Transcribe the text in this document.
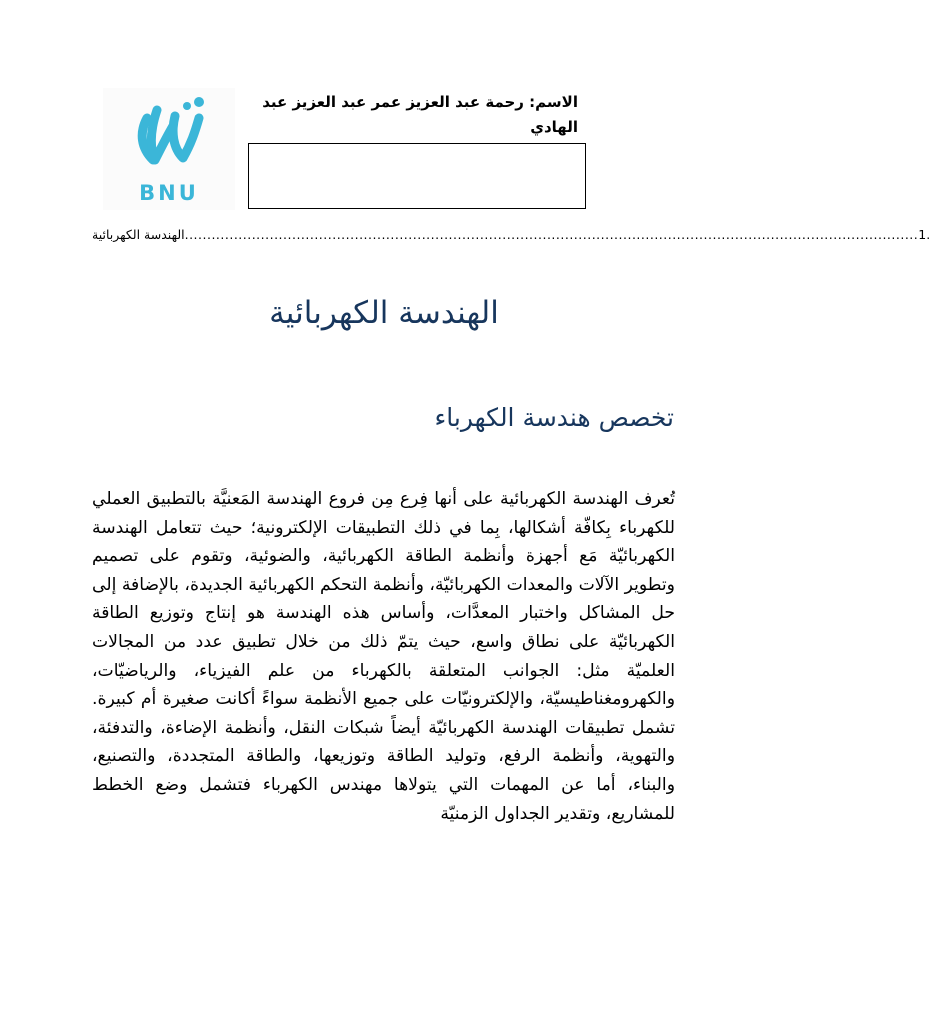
BNU
الاسم: رحمة عبد العزيز عمر عبد العزيز عبد الهادي
الهندسة الكهربائية .................................................................................................................................................................... 1.
الهندسة الكهربائية
تخصص هندسة الكهرباء
تُعرف الهندسة الكهربائية على أنها فِرع مِن فروع الهندسة المَعنيَّة بالتطبيق العملي للكهرباء بِكافّة أشكالها، بِما في ذلك التطبيقات الإلكترونية؛ حيث تتعامل الهندسة الكهربائيّة مَع أجهزة وأنظمة الطاقة الكهربائية، والضوئية، وتقوم على تصميم وتطوير الآلات والمعدات الكهربائيّة، وأنظمة التحكم الكهربائية الجديدة، بالإضافة إلى حل المشاكل واختبار المعدَّات، وأساس هذه الهندسة هو إنتاج وتوزيع الطاقة الكهربائيّة على نطاق واسع، حيث يتمّ ذلك من خلال تطبيق عدد من المجالات العلميّة مثل: الجوانب المتعلقة بالكهرباء من علم الفيزياء، والرياضيّات، والكهرومغناطيسيّة، والإلكترونيّات على جميع الأنظمة سواءً أكانت صغيرة أم كبيرة. تشمل تطبيقات الهندسة الكهربائيّة أيضاً شبكات النقل، وأنظمة الإضاءة، والتدفئة، والتهوية، وأنظمة الرفع، وتوليد الطاقة وتوزيعها، والطاقة المتجددة، والتصنيع، والبناء، أما عن المهمات التي يتولاها مهندس الكهرباء فتشمل وضع الخطط للمشاريع، وتقدير الجداول الزمنيّة
